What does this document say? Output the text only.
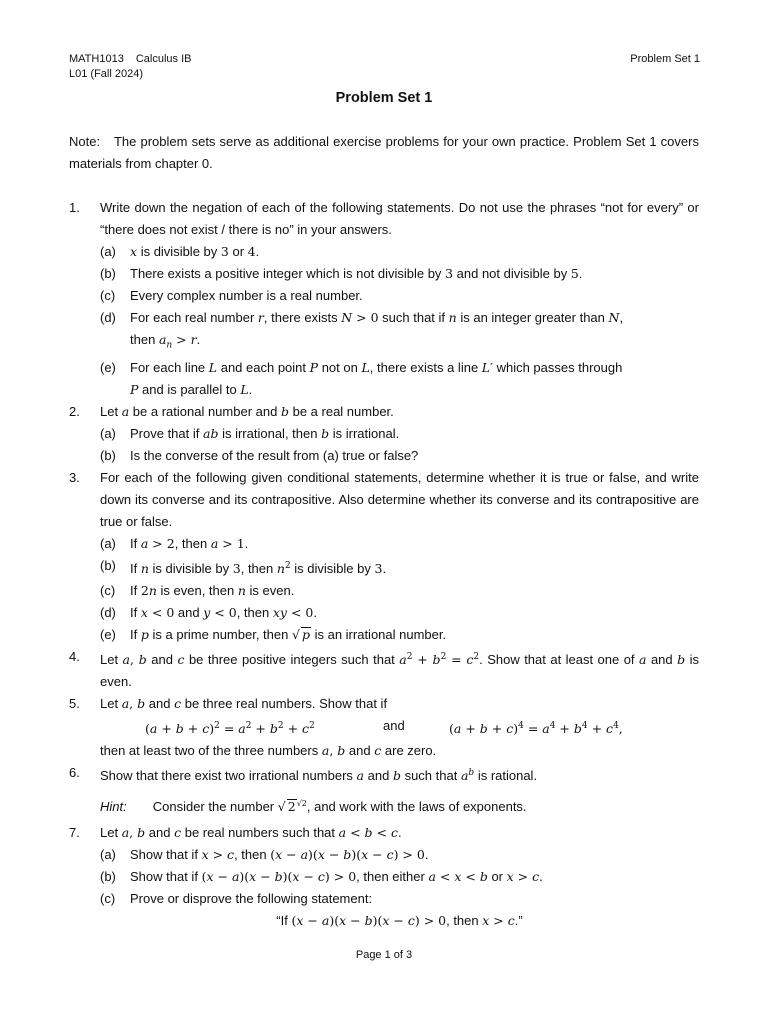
MATH1013 Calculus IB
L01 (Fall 2024)
Problem Set 1
Problem Set 1
Note: The problem sets serve as additional exercise problems for your own practice. Problem Set 1 covers materials from chapter 0.
1.	Write down the negation of each of the following statements. Do not use the phrases “not for every” or “there does not exist / there is no” in your answers.
(a)	x is divisible by 3 or 4.
(b)	There exists a positive integer which is not divisible by 3 and not divisible by 5.
(c)	Every complex number is a real number.
(d)	For each real number r, there exists N > 0 such that if n is an integer greater than N,
then $a_n > r$.
(e)	For each line L and each point P not on L, there exists a line L′ which passes through
P and is parallel to L.
2.	Let a be a rational number and b be a real number.
(a)	Prove that if ab is irrational, then b is irrational.
(b)	Is the converse of the result from (a) true or false?
3.	For each of the following given conditional statements, determine whether it is true or false, and write down its converse and its contrapositive. Also determine whether its converse and its contrapositive are true or false.
(a)	If a > 2, then a > 1.
(b)	If n is divisible by 3, then $n^2$ is divisible by 3.
(c)	If 2n is even, then n is even.
(d)	If x < 0 and y < 0, then xy < 0.
(e)	If p is a prime number, then √ p is an irrational number.
4.	Let a, b and c be three positive integers such that $a^2 + b^2 = c^2$. Show that at least one of a and b is even.
5.	Let a, b and c be three real numbers. Show that if
$(a + b + c)^2 = a^2 + b^2 + c^2$	and	$(a + b + c)^4 = a^4 + b^4 + c^4$,
then at least two of the three numbers a, b and c are zero.
6.	Show that there exist two irrational numbers a and b such that $a^b$ is rational.
Hint: Consider the number √ $2^{√2}$, and work with the laws of exponents.
7.	Let a, b and c be real numbers such that a < b < c.
(a)	Show that if x > c, then (x − a)(x − b)(x − c) > 0.
(b)	Show that if (x − a)(x − b)(x − c) > 0, then either a < x < b or x > c.
(c)	Prove or disprove the following statement:
“If (x − a)(x − b)(x − c) > 0, then x > c.”
Page 1 of 3
